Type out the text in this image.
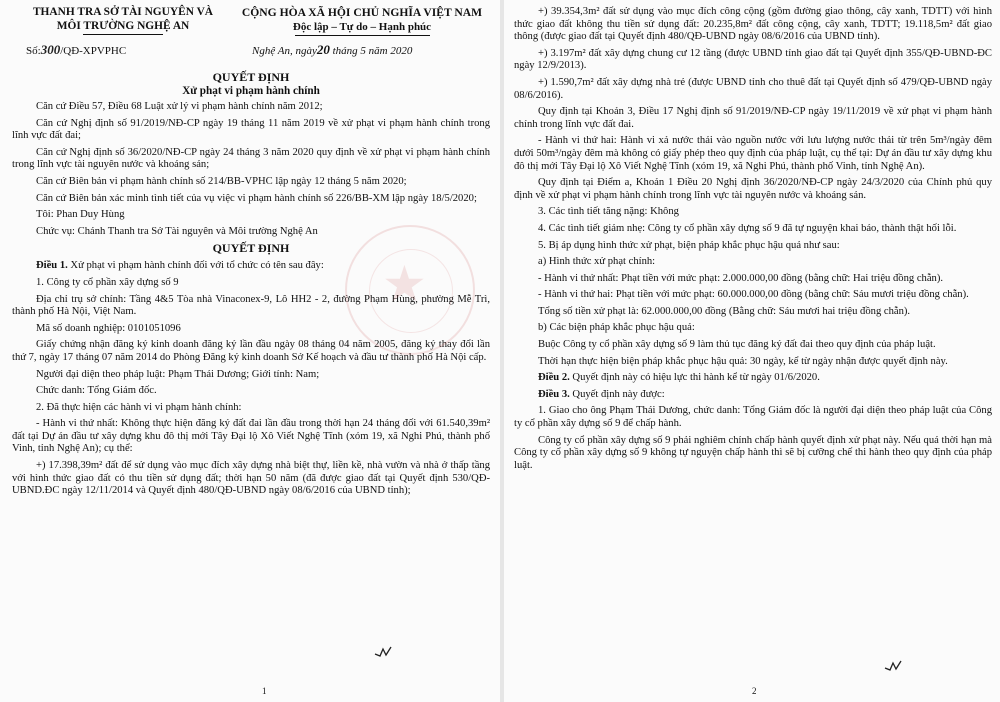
THANH TRA SỞ TÀI NGUYÊN VÀ
MÔI TRƯỜNG NGHỆ AN
CỘNG HÒA XÃ HỘI CHỦ NGHĨA VIỆT NAM
Độc lập – Tự do – Hạnh phúc
Số:300/QĐ-XPVPHC	Nghệ An, ngày20 tháng 5 năm 2020
QUYẾT ĐỊNH
Xử phạt vi phạm hành chính

Căn cứ Điều 57, Điều 68 Luật xử lý vi phạm hành chính năm 2012;

Căn cứ Nghị định số 91/2019/NĐ-CP ngày 19 tháng 11 năm 2019 về xử phạt vi phạm hành chính trong lĩnh vực đất đai;

Căn cứ Nghị định số 36/2020/NĐ-CP ngày 24 tháng 3 năm 2020 quy định về xử phạt vi phạm hành chính trong lĩnh vực tài nguyên nước và khoáng sản;

Căn cứ Biên bản vi phạm hành chính số 214/BB-VPHC lập ngày 12 tháng 5 năm 2020;

Căn cứ Biên bản xác minh tình tiết của vụ việc vi phạm hành chính số 226/BB-XM lập ngày 18/5/2020;

Tôi: Phan Duy Hùng

Chức vụ: Chánh Thanh tra Sở Tài nguyên và Môi trường Nghệ An

QUYẾT ĐỊNH

Điều 1. Xử phạt vi phạm hành chính đối với tổ chức có tên sau đây:

1. Công ty cổ phần xây dựng số 9

Địa chỉ trụ sở chính: Tầng 4&5 Tòa nhà Vinaconex-9, Lô HH2 - 2, đường Phạm Hùng, phường Mễ Trì, thành phố Hà Nội, Việt Nam.

Mã số doanh nghiệp: 0101051096

Giấy chứng nhận đăng ký kinh doanh đăng ký lần đầu ngày 08 tháng 04 năm 2005, đăng ký thay đổi lần thứ 7, ngày 17 tháng 07 năm 2014 do Phòng Đăng ký kinh doanh Sở Kế hoạch và đầu tư thành phố Hà Nội cấp.

Người đại diện theo pháp luật: Phạm Thái Dương; Giới tính: Nam;

Chức danh: Tổng Giám đốc.

2. Đã thực hiện các hành vi vi phạm hành chính:

- Hành vi thứ nhất: Không thực hiện đăng ký đất đai lần đầu trong thời hạn 24 tháng đối với 61.540,39m² đất tại Dự án đầu tư xây dựng khu đô thị mới Tây Đại lộ Xô Viết Nghệ Tĩnh (xóm 19, xã Nghi Phú, thành phố Vinh, tỉnh Nghệ An); cụ thể:

+) 17.398,39m² đất để sử dụng vào mục đích xây dựng nhà biệt thự, liền kề, nhà vườn và nhà ở thấp tầng với hình thức giao đất có thu tiền sử dụng đất; thời hạn 50 năm (đã được giao đất tại Quyết định 530/QĐ-UBND.ĐC ngày 12/11/2014 và Quyết định 480/QĐ-UBND ngày 08/6/2016 của UBND tỉnh);

★
1

+) 39.354,3m² đất sử dụng vào mục đích công cộng (gồm đường giao thông, cây xanh, TDTT) với hình thức giao đất không thu tiền sử dụng đất: 20.235,8m² đất công cộng, cây xanh, TDTT; 19.118,5m² đất giao thông (được giao đất tại Quyết định 480/QĐ-UBND ngày 08/6/2016 của UBND tỉnh).

+) 3.197m² đất xây dựng chung cư 12 tầng (được UBND tỉnh giao đất tại Quyết định 355/QĐ-UBND-ĐC ngày 12/9/2013).

+) 1.590,7m² đất xây dựng nhà trẻ (được UBND tỉnh cho thuê đất tại Quyết định số 479/QĐ-UBND ngày 08/6/2016).

Quy định tại Khoản 3, Điều 17 Nghị định số 91/2019/NĐ-CP ngày 19/11/2019 về xử phạt vi phạm hành chính trong lĩnh vực đất đai.

- Hành vi thứ hai: Hành vi xả nước thải vào nguồn nước với lưu lượng nước thải từ trên 5m³/ngày đêm dưới 50m³/ngày đêm mà không có giấy phép theo quy định của pháp luật, cụ thể tại: Dự án đầu tư xây dựng khu đô thị mới Tây Đại lộ Xô Viết Nghệ Tĩnh (xóm 19, xã Nghi Phú, thành phố Vinh, tỉnh Nghệ An).

Quy định tại Điểm a, Khoản 1 Điều 20 Nghị định 36/2020/NĐ-CP ngày 24/3/2020 của Chính phủ quy định về xử phạt vi phạm hành chính trong lĩnh vực tài nguyên nước và khoáng sản.

3. Các tình tiết tăng nặng: Không

4. Các tình tiết giảm nhẹ: Công ty cổ phần xây dựng số 9 đã tự nguyện khai báo, thành thật hối lỗi.

5. Bị áp dụng hình thức xử phạt, biện pháp khắc phục hậu quả như sau:

a) Hình thức xử phạt chính:

- Hành vi thứ nhất: Phạt tiền với mức phạt: 2.000.000,00 đồng (bằng chữ: Hai triệu đồng chẵn).

- Hành vi thứ hai: Phạt tiền với mức phạt: 60.000.000,00 đồng (bằng chữ: Sáu mươi triệu đồng chẵn).

Tổng số tiền xử phạt là: 62.000.000,00 đồng (Bằng chữ: Sáu mươi hai triệu đồng chẵn).

b) Các biện pháp khắc phục hậu quả:

Buộc Công ty cổ phần xây dựng số 9 làm thủ tục đăng ký đất đai theo quy định của pháp luật.

Thời hạn thực hiện biện pháp khắc phục hậu quả: 30 ngày, kể từ ngày nhận được quyết định này.

Điều 2. Quyết định này có hiệu lực thi hành kể từ ngày 01/6/2020.

Điều 3. Quyết định này được:

1. Giao cho ông Phạm Thái Dương, chức danh: Tổng Giám đốc là người đại diện theo pháp luật của Công ty cổ phần xây dựng số 9 để chấp hành.

Công ty cổ phần xây dựng số 9 phải nghiêm chỉnh chấp hành quyết định xử phạt này. Nếu quá thời hạn mà Công ty cổ phần xây dựng số 9 không tự nguyện chấp hành thì sẽ bị cưỡng chế thi hành theo quy định của pháp luật.

2
